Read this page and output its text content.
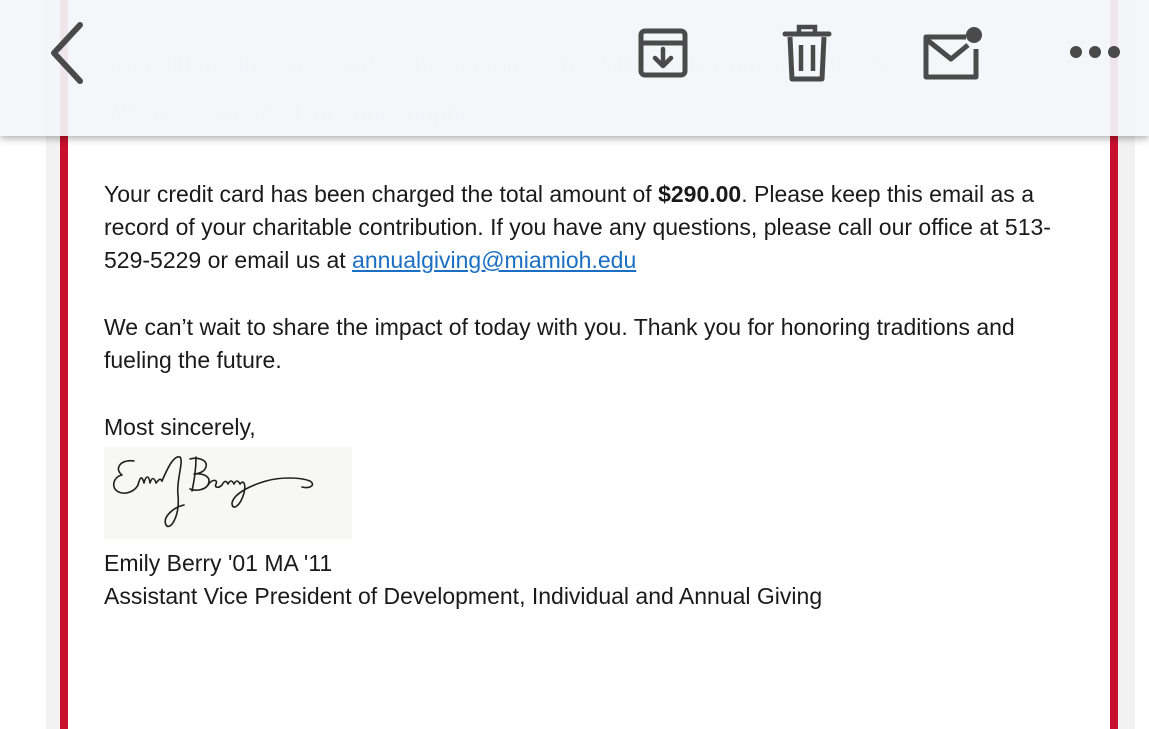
Your credit card has been charged the total amount of $290.00. Please keep this email as a record of your charitable contribution. If you have any questions, please call our office at 513-529-5229 or email us at annualgiving@miamioh.edu

We can’t wait to share the impact of today with you. Thank you for honoring traditions and fueling the future.

Most sincerely,

Emily Berry '01 MA '11
Assistant Vice President of Development, Individual and Annual Giving
